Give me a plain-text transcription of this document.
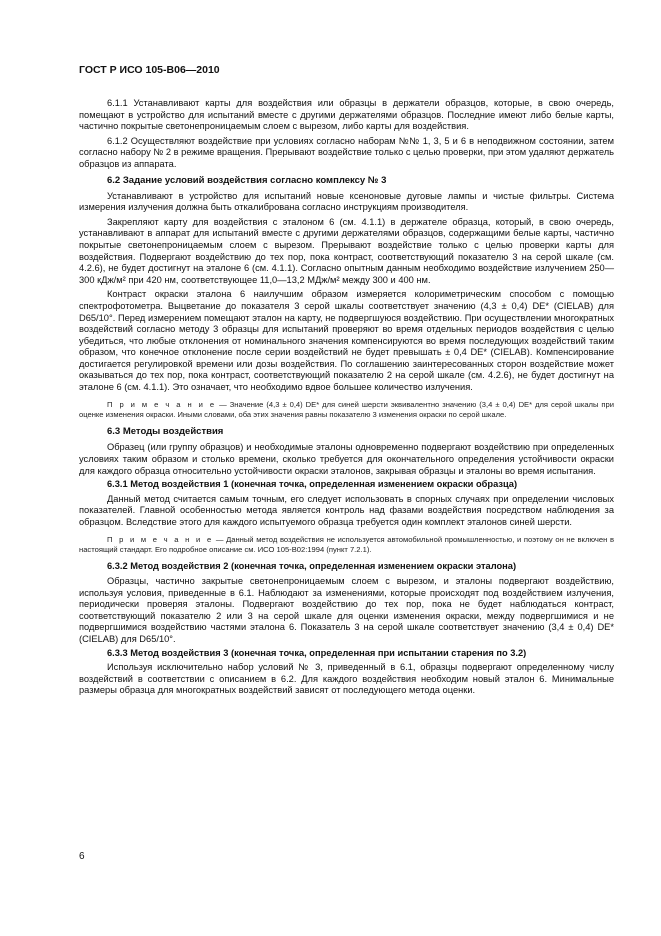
ГОСТ Р ИСО 105-В06—2010

6.1.1 Устанавливают карты для воздействия или образцы в держатели образцов, которые, в свою очередь, помещают в устройство для испытаний вместе с другими держателями образцов. Последние имеют либо белые карты, частично покрытые светонепроницаемым слоем с вырезом, либо карты для воздействия.

6.1.2 Осуществляют воздействие при условиях согласно наборам №№ 1, 3, 5 и 6 в неподвижном состоянии, затем согласно набору № 2 в режиме вращения. Прерывают воздействие только с целью проверки, при этом удаляют держатель образцов из аппарата.

6.2 Задание условий воздействия согласно комплексу № 3

Устанавливают в устройство для испытаний новые ксеноновые дуговые лампы и чистые фильтры. Система измерения излучения должна быть откалибрована согласно инструкциям производителя.

Закрепляют карту для воздействия с эталоном 6 (см. 4.1.1) в держателе образца, который, в свою очередь, устанавливают в аппарат для испытаний вместе с другими держателями образцов, содержащими белые карты, частично покрытые светонепроницаемым слоем с вырезом. Прерывают воздействие только с целью проверки карты для воздействия. Подвергают воздействию до тех пор, пока контраст, соответствующий показателю 3 на серой шкале (см. 4.2.6), не будет достигнут на эталоне 6 (см. 4.1.1). Согласно опытным данным необходимо воздействие излучением 250—300 кДж/м² при 420 нм, соответствующее 11,0—13,2 МДж/м² между 300 и 400 нм.

Контраст окраски эталона 6 наилучшим образом измеряется колориметрическим способом с помощью спектрофотометра. Выцветание до показателя 3 серой шкалы соответствует значению (4,3 ± 0,4) DE* (CIELAB) для D65/10°. Перед измерением помещают эталон на карту, не подвергшуюся воздействию. При осуществлении многократных воздействий согласно методу 3 образцы для испытаний проверяют во время отдельных периодов воздействия с целью убедиться, что любые отклонения от номинального значения компенсируются во время последующих воздействий таким образом, что конечное отклонение после серии воздействий не будет превышать ± 0,4 DE* (CIELAB). Компенсирование достигается регулировкой времени или дозы воздействия. По соглашению заинтересованных сторон воздействие может оказываться до тех пор, пока контраст, соответствующий показателю 2 на серой шкале (см. 4.2.6), не будет достигнут на эталоне 6 (см. 4.1.1). Это означает, что необходимо вдвое большее количество излучения.

П р и м е ч а н и е — Значение (4,3 ± 0,4) DE* для синей шерсти эквивалентно значению (3,4 ± 0,4) DE* для серой шкалы при оценке изменения окраски. Иными словами, оба этих значения равны показателю 3 изменения окраски по серой шкале.

6.3 Методы воздействия

Образец (или группу образцов) и необходимые эталоны одновременно подвергают воздействию при определенных условиях таким образом и столько времени, сколько требуется для окончательного определения устойчивости окраски для каждого образца относительно устойчивости окраски эталонов, закрывая образцы и эталоны во время испытания.

6.3.1 Метод воздействия 1 (конечная точка, определенная изменением окраски образца)

Данный метод считается самым точным, его следует использовать в спорных случаях при определении числовых показателей. Главной особенностью метода является контроль над фазами воздействия посредством наблюдения за образцом. Вследствие этого для каждого испытуемого образца требуется один комплект эталонов синей шерсти.

П р и м е ч а н и е — Данный метод воздействия не используется автомобильной промышленностью, и поэтому он не включен в настоящий стандарт. Его подробное описание см. ИСО 105-В02:1994 (пункт 7.2.1).

6.3.2 Метод воздействия 2 (конечная точка, определенная изменением окраски эталона)

Образцы, частично закрытые светонепроницаемым слоем с вырезом, и эталоны подвергают воздействию, используя условия, приведенные в 6.1. Наблюдают за изменениями, которые происходят под воздействием излучения, периодически проверяя эталоны. Подвергают воздействию до тех пор, пока не будет наблюдаться контраст, соответствующий показателю 2 или 3 на серой шкале для оценки изменения окраски, между подвергшимися и не подвергшимися воздействию частями эталона 6. Показатель 3 на серой шкале соответствует значению (3,4 ± 0,4) DE* (CIELAB) для D65/10°.

6.3.3 Метод воздействия 3 (конечная точка, определенная при испытании старения по 3.2)

Используя исключительно набор условий № 3, приведенный в 6.1, образцы подвергают определенному числу воздействий в соответствии с описанием в 6.2. Для каждого воздействия необходим новый эталон 6. Минимальные размеры образца для многократных воздействий зависят от последующего метода оценки.

6
